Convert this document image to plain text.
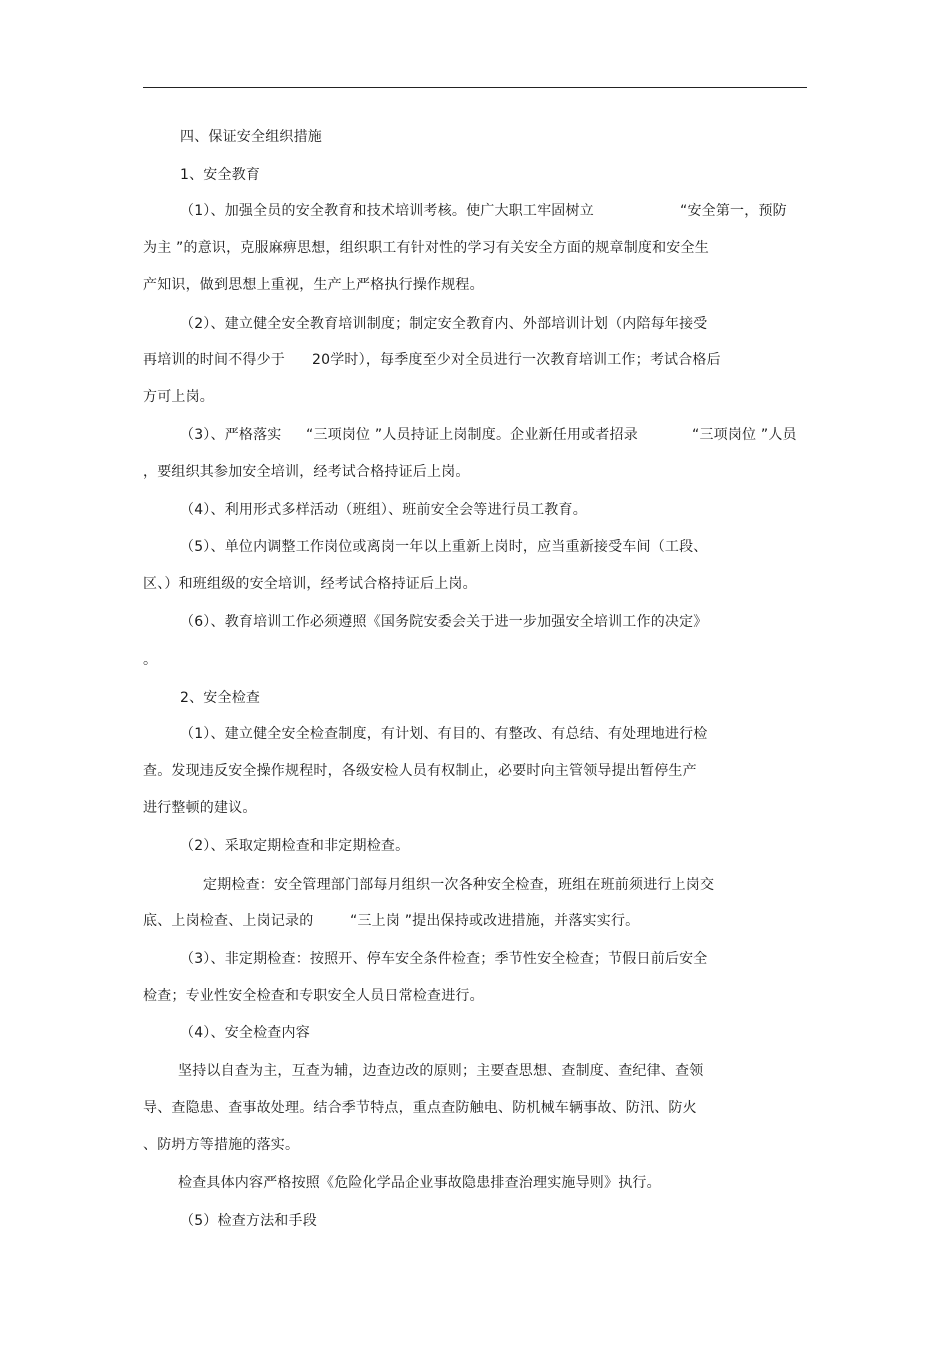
四、保证安全组织措施
1、安全教育
（1）、加强全员的安全教育和技术培训考核。使广大职工牢固树立	“安全第一，预防
为主 ”的意识，克服麻痹思想，组织职工有针对性的学习有关安全方面的规章制度和安全生
产知识，做到思想上重视，生产上严格执行操作规程。
（2）、建立健全安全教育培训制度；制定安全教育内、外部培训计划（内陪每年接受
再培训的时间不得少于 20学时），每季度至少对全员进行一次教育培训工作；考试合格后
方可上岗。
（3）、严格落实 “三项岗位 ”人员持证上岗制度。企业新任用或者招录	“三项岗位 ”人员
，要组织其参加安全培训，经考试合格持证后上岗。
（4）、利用形式多样活动（班组）、班前安全会等进行员工教育。
（5）、单位内调整工作岗位或离岗一年以上重新上岗时，应当重新接受车间（工段、
区、）和班组级的安全培训，经考试合格持证后上岗。
（6）、教育培训工作必须遵照《国务院安委会关于进一步加强安全培训工作的决定》
。
2、安全检查
（1）、建立健全安全检查制度，有计划、有目的、有整改、有总结、有处理地进行检
查。发现违反安全操作规程时，各级安检人员有权制止，必要时向主管领导提出暂停生产
进行整顿的建议。
（2）、采取定期检查和非定期检查。
定期检查：安全管理部门部每月组织一次各种安全检查，班组在班前须进行上岗交
底、上岗检查、上岗记录的	“三上岗 ”提出保持或改进措施，并落实实行。
（3）、非定期检查：按照开、停车安全条件检查；季节性安全检查；节假日前后安全
检查；专业性安全检查和专职安全人员日常检查进行。
（4）、安全检查内容
坚持以自查为主，互查为辅，边查边改的原则；主要查思想、查制度、查纪律、查领
导、查隐患、查事故处理。结合季节特点，重点查防触电、防机械车辆事故、防汛、防火
、防坍方等措施的落实。
检查具体内容严格按照《危险化学品企业事故隐患排查治理实施导则》执行。
（5）检查方法和手段
